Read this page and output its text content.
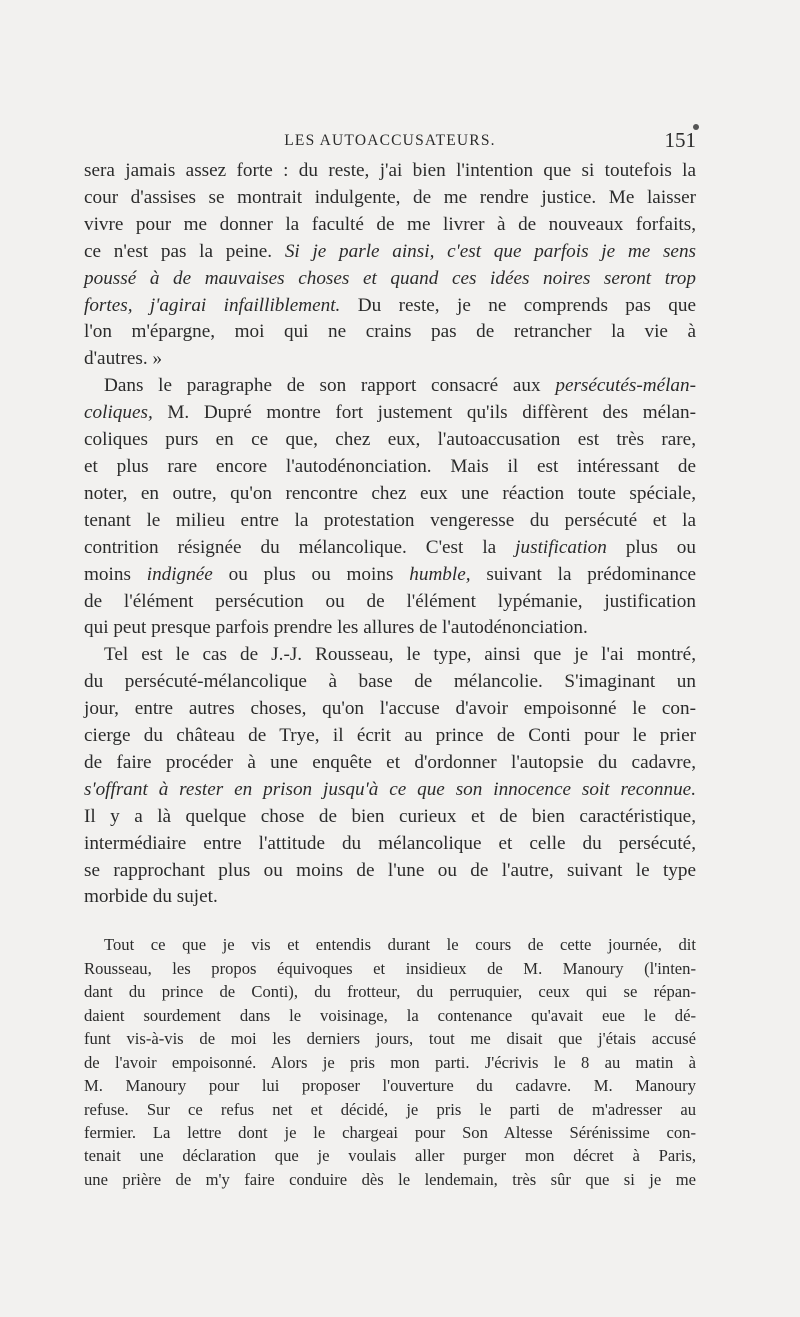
LES AUTOACCUSATEURS.	151

sera jamais assez forte : du reste, j'ai bien l'intention que si toutefois la

cour d'assises se montrait indulgente, de me rendre justice. Me laisser

vivre pour me donner la faculté de me livrer à de nouveaux forfaits,

ce n'est pas la peine. Si je parle ainsi, c'est que parfois je me sens

poussé à de mauvaises choses et quand ces idées noires seront trop

fortes, j'agirai infailliblement. Du reste, je ne comprends pas que

l'on m'épargne, moi qui ne crains pas de retrancher la vie à

d'autres. »

Dans le paragraphe de son rapport consacré aux persécutés-mélan-

coliques, M. Dupré montre fort justement qu'ils diffèrent des mélan-

coliques purs en ce que, chez eux, l'autoaccusation est très rare,

et plus rare encore l'autodénonciation. Mais il est intéressant de

noter, en outre, qu'on rencontre chez eux une réaction toute spéciale,

tenant le milieu entre la protestation vengeresse du persécuté et la

contrition résignée du mélancolique. C'est la justification plus ou

moins indignée ou plus ou moins humble, suivant la prédominance

de l'élément persécution ou de l'élément lypémanie, justification

qui peut presque parfois prendre les allures de l'autodénonciation.

Tel est le cas de J.-J. Rousseau, le type, ainsi que je l'ai montré,

du persécuté-mélancolique à base de mélancolie. S'imaginant un

jour, entre autres choses, qu'on l'accuse d'avoir empoisonné le con-

cierge du château de Trye, il écrit au prince de Conti pour le prier

de faire procéder à une enquête et d'ordonner l'autopsie du cadavre,

s'offrant à rester en prison jusqu'à ce que son innocence soit reconnue.

Il y a là quelque chose de bien curieux et de bien caractéristique,

intermédiaire entre l'attitude du mélancolique et celle du persécuté,

se rapprochant plus ou moins de l'une ou de l'autre, suivant le type

morbide du sujet.

Tout ce que je vis et entendis durant le cours de cette journée, dit

Rousseau, les propos équivoques et insidieux de M. Manoury (l'inten-

dant du prince de Conti), du frotteur, du perruquier, ceux qui se répan-

daient sourdement dans le voisinage, la contenance qu'avait eue le dé-

funt vis-à-vis de moi les derniers jours, tout me disait que j'étais accusé

de l'avoir empoisonné. Alors je pris mon parti. J'écrivis le 8 au matin à

M. Manoury pour lui proposer l'ouverture du cadavre. M. Manoury

refuse. Sur ce refus net et décidé, je pris le parti de m'adresser au

fermier. La lettre dont je le chargeai pour Son Altesse Sérénissime con-

tenait une déclaration que je voulais aller purger mon décret à Paris,

une prière de m'y faire conduire dès le lendemain, très sûr que si je me
